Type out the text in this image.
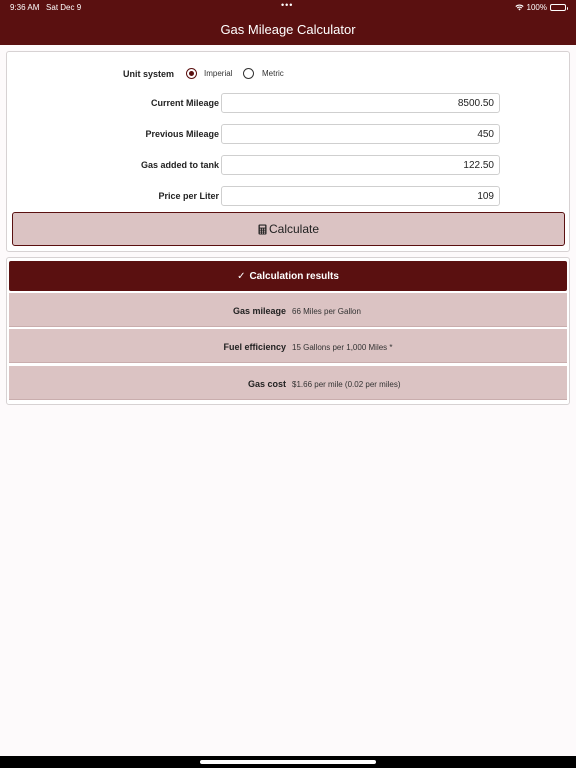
9:36 AM Sat Dec 9	•••	100%
Gas Mileage Calculator
Unit system	Imperial	Metric
Current Mileage
8500.50
Previous Mileage
450
Gas added to tank
122.50
Price per Liter
109
Calculate
✓ Calculation results
Gas mileage 66 Miles per Gallon
Fuel efficiency 15 Gallons per 1,000 Miles *
Gas cost $1.66 per mile (0.02 per miles)
